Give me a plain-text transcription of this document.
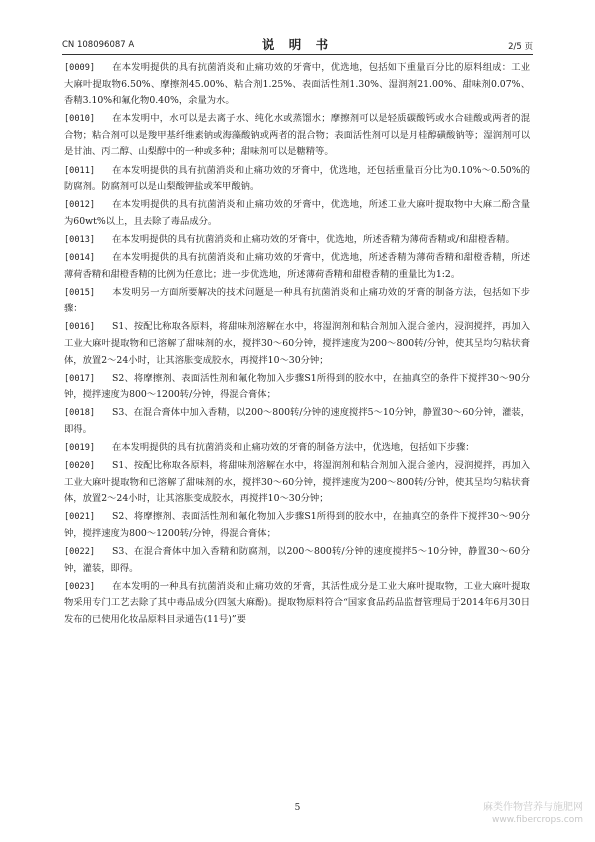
CN 108096087 A	说 明 书	2/5 页

[0009] 在本发明提供的具有抗菌消炎和止痛功效的牙膏中，优选地，包括如下重量百分比的原料组成：工业大麻叶提取物6.50%、摩擦剂45.00%、粘合剂1.25%、表面活性剂1.30%、湿润剂21.00%、甜味剂0.07%、香精3.10%和氟化物0.40%，余量为水。

[0010] 在本发明中，水可以是去离子水、纯化水或蒸馏水；摩擦剂可以是轻质碳酸钙或水合硅酸或两者的混合物；粘合剂可以是羧甲基纤维素钠或海藻酸钠或两者的混合物；表面活性剂可以是月桂醇磺酸钠等；湿润剂可以是甘油、丙二醇、山梨醇中的一种或多种；甜味剂可以是糖精等。

[0011] 在本发明提供的具有抗菌消炎和止痛功效的牙膏中，优选地，还包括重量百分比为0.10%～0.50%的防腐剂。防腐剂可以是山梨酸钾盐或苯甲酸钠。

[0012] 在本发明提供的具有抗菌消炎和止痛功效的牙膏中，优选地，所述工业大麻叶提取物中大麻二酚含量为60wt%以上，且去除了毒品成分。

[0013] 在本发明提供的具有抗菌消炎和止痛功效的牙膏中，优选地，所述香精为薄荷香精或/和甜橙香精。

[0014] 在本发明提供的具有抗菌消炎和止痛功效的牙膏中，优选地，所述香精为薄荷香精和甜橙香精，所述薄荷香精和甜橙香精的比例为任意比；进一步优选地，所述薄荷香精和甜橙香精的重量比为1:2。

[0015] 本发明另一方面所要解决的技术问题是一种具有抗菌消炎和止痛功效的牙膏的制备方法，包括如下步骤：

[0016] S1、按配比称取各原料，将甜味剂溶解在水中，将湿润剂和粘合剂加入混合釜内，浸润搅拌，再加入工业大麻叶提取物和已溶解了甜味剂的水，搅拌30～60分钟，搅拌速度为200～800转/分钟，使其呈均匀粘状膏体，放置2～24小时，让其溶胀变成胶水，再搅拌10～30分钟；

[0017] S2、将摩擦剂、表面活性剂和氟化物加入步骤S1所得到的胶水中，在抽真空的条件下搅拌30～90分钟，搅拌速度为800～1200转/分钟，得混合膏体；

[0018] S3、在混合膏体中加入香精，以200～800转/分钟的速度搅拌5～10分钟，静置30～60分钟，灌装，即得。

[0019] 在本发明提供的具有抗菌消炎和止痛功效的牙膏的制备方法中，优选地，包括如下步骤：

[0020] S1、按配比称取各原料，将甜味剂溶解在水中，将湿润剂和粘合剂加入混合釜内，浸润搅拌，再加入工业大麻叶提取物和已溶解了甜味剂的水，搅拌30～60分钟，搅拌速度为200～800转/分钟，使其呈均匀粘状膏体，放置2～24小时，让其溶胀变成胶水，再搅拌10～30分钟；

[0021] S2、将摩擦剂、表面活性剂和氟化物加入步骤S1所得到的胶水中，在抽真空的条件下搅拌30～90分钟，搅拌速度为800～1200转/分钟，得混合膏体；

[0022] S3、在混合膏体中加入香精和防腐剂，以200～800转/分钟的速度搅拌5～10分钟，静置30～60分钟，灌装，即得。

[0023] 在本发明的一种具有抗菌消炎和止痛功效的牙膏，其活性成分是工业大麻叶提取物，工业大麻叶提取物采用专门工艺去除了其中毒品成分(四氢大麻酚)。提取物原料符合“国家食品药品监督管理局于2014年6月30日发布的已使用化妆品原料目录通告(11号)”要

5	麻类作物营养与施肥网
www.fibercrops.com
